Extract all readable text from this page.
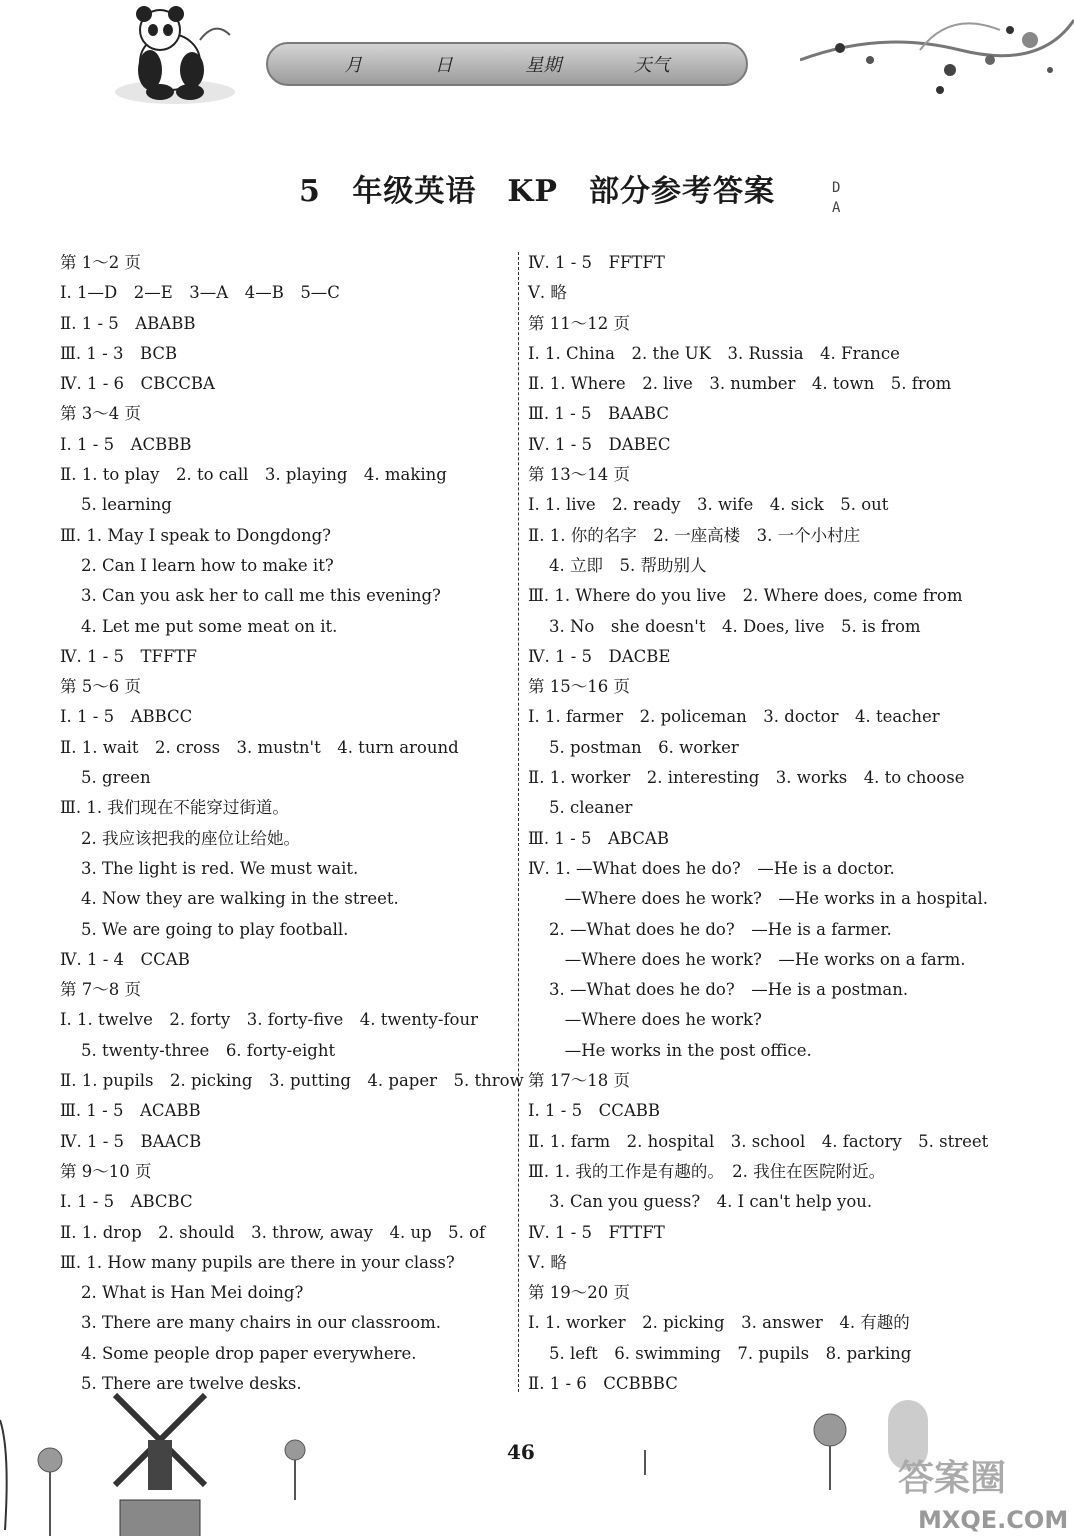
月	日	星期	天气
5 年级英语　KP　部分参考答案	D
A
第 1～2 页
Ⅰ. 1—D　2—E　3—A　4—B　5—C
Ⅱ. 1 - 5　ABABB
Ⅲ. 1 - 3　BCB
Ⅳ. 1 - 6　CBCCBA
第 3～4 页
Ⅰ. 1 - 5　ACBBB
Ⅱ. 1. to play　2. to call　3. playing　4. making
5. learning
Ⅲ. 1. May I speak to Dongdong?
2. Can I learn how to make it?
3. Can you ask her to call me this evening?
4. Let me put some meat on it.
Ⅳ. 1 - 5　TFFTF
第 5～6 页
Ⅰ. 1 - 5　ABBCC
Ⅱ. 1. wait　2. cross　3. mustn't　4. turn around
5. green
Ⅲ. 1. 我们现在不能穿过街道。
2. 我应该把我的座位让给她。
3. The light is red. We must wait.
4. Now they are walking in the street.
5. We are going to play football.
Ⅳ. 1 - 4　CCAB
第 7～8 页
Ⅰ. 1. twelve　2. forty　3. forty-five　4. twenty-four
5. twenty-three　6. forty-eight
Ⅱ. 1. pupils　2. picking　3. putting　4. paper　5. throw
Ⅲ. 1 - 5　ACABB
Ⅳ. 1 - 5　BAACB
第 9～10 页
Ⅰ. 1 - 5　ABCBC
Ⅱ. 1. drop　2. should　3. throw, away　4. up　5. of
Ⅲ. 1. How many pupils are there in your class?
2. What is Han Mei doing?
3. There are many chairs in our classroom.
4. Some people drop paper everywhere.
5. There are twelve desks.
Ⅳ. 1 - 5　FFTFT
Ⅴ. 略
第 11～12 页
Ⅰ. 1. China　2. the UK　3. Russia　4. France
Ⅱ. 1. Where　2. live　3. number　4. town　5. from
Ⅲ. 1 - 5　BAABC
Ⅳ. 1 - 5　DABEC
第 13～14 页
Ⅰ. 1. live　2. ready　3. wife　4. sick　5. out
Ⅱ. 1. 你的名字　2. 一座高楼　3. 一个小村庄
4. 立即　5. 帮助别人
Ⅲ. 1. Where do you live　2. Where does, come from
3. No　she doesn't　4. Does, live　5. is from
Ⅳ. 1 - 5　DACBE
第 15～16 页
Ⅰ. 1. farmer　2. policeman　3. doctor　4. teacher
5. postman　6. worker
Ⅱ. 1. worker　2. interesting　3. works　4. to choose
5. cleaner
Ⅲ. 1 - 5　ABCAB
Ⅳ. 1. —What does he do?　—He is a doctor.
—Where does he work?　—He works in a hospital.
2. —What does he do?　—He is a farmer.
—Where does he work?　—He works on a farm.
3. —What does he do?　—He is a postman.
—Where does he work?
—He works in the post office.
第 17～18 页
Ⅰ. 1 - 5　CCABB
Ⅱ. 1. farm　2. hospital　3. school　4. factory　5. street
Ⅲ. 1. 我的工作是有趣的。　2. 我住在医院附近。
3. Can you guess?　4. I can't help you.
Ⅳ. 1 - 5　FTTFT
Ⅴ. 略
第 19～20 页
Ⅰ. 1. worker　2. picking　3. answer　4. 有趣的
5. left　6. swimming　7. pupils　8. parking
Ⅱ. 1 - 6　CCBBBC
46
答案圈
MXQE.COM
